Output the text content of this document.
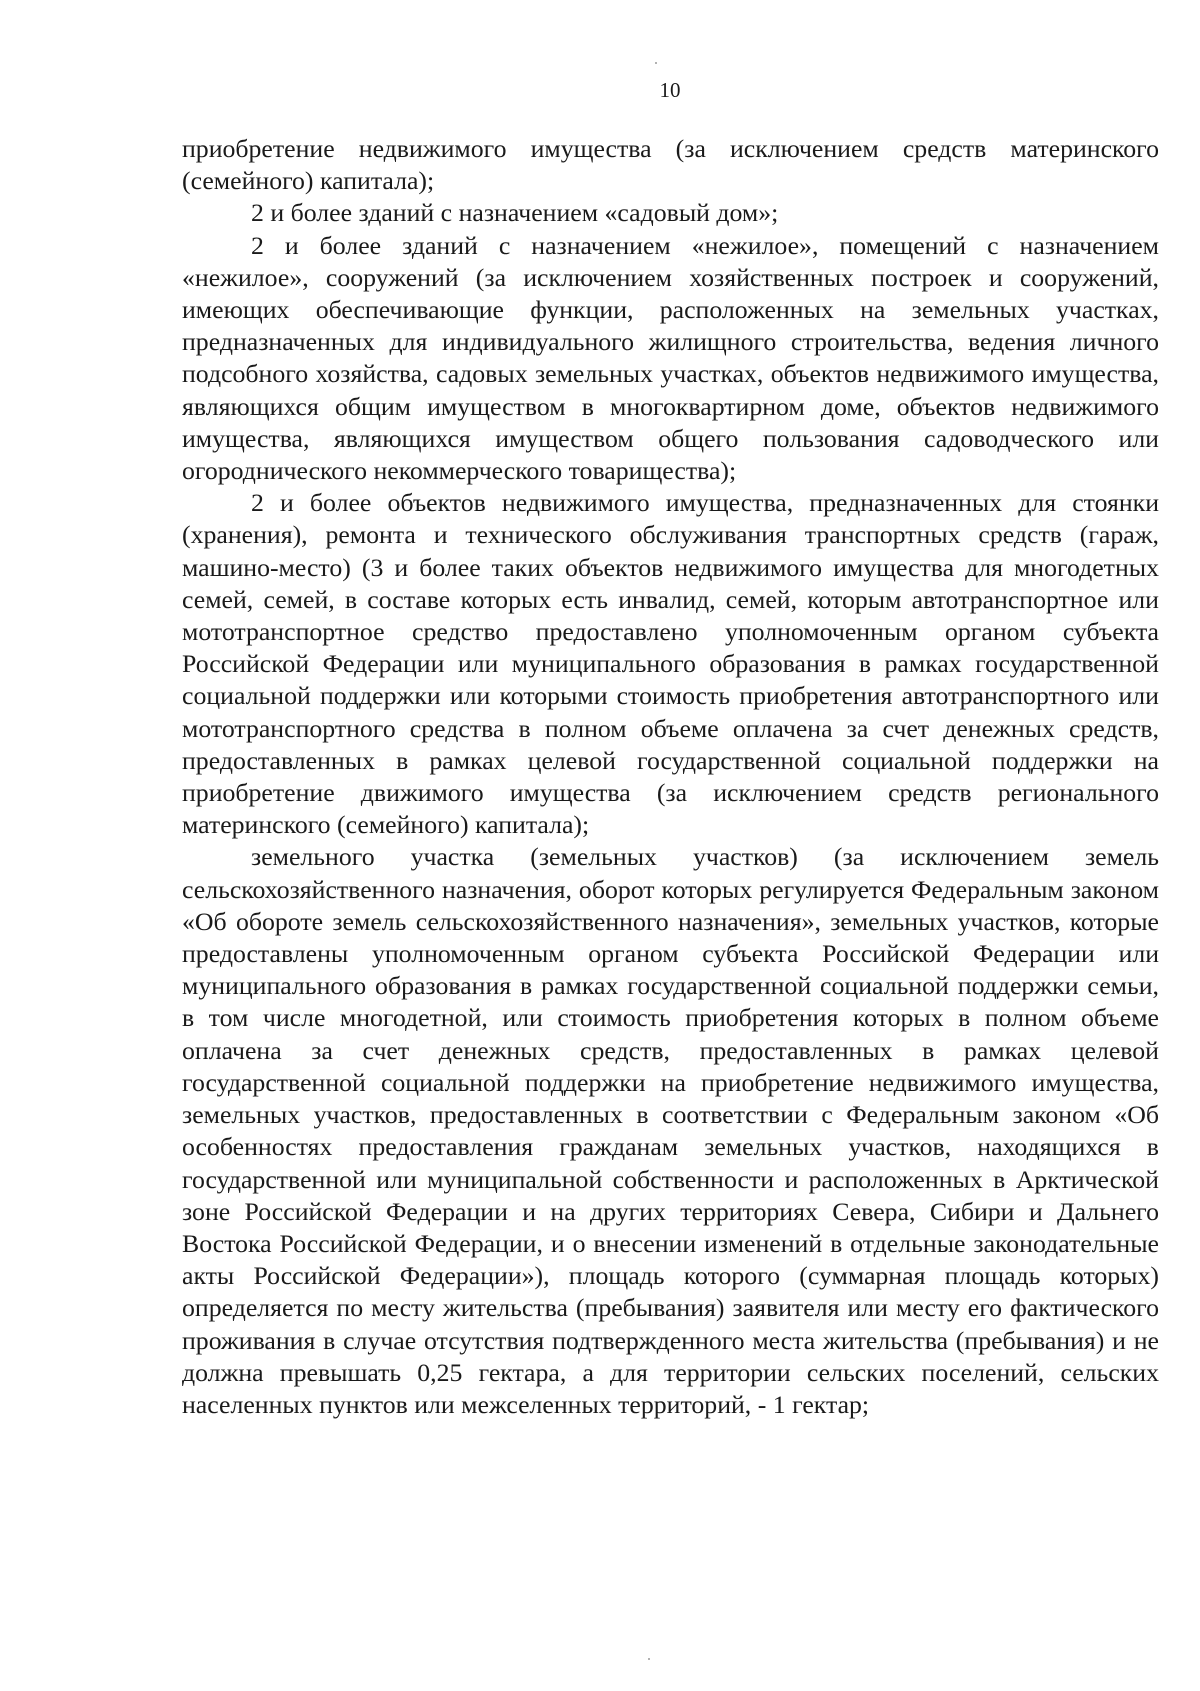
10

приобретение недвижимого имущества (за исключением средств материнского (семейного) капитала);

2 и более зданий с назначением «садовый дом»;

2 и более зданий с назначением «нежилое», помещений с назначением «нежилое», сооружений (за исключением хозяйственных построек и сооружений, имеющих обеспечивающие функции, расположенных на земельных участках, предназначенных для индивидуального жилищного строительства, ведения личного подсобного хозяйства, садовых земельных участках, объектов недвижимого имущества, являющихся общим имуществом в многоквартирном доме, объектов недвижимого имущества, являющихся имуществом общего пользования садоводческого или огороднического некоммерческого товарищества);

2 и более объектов недвижимого имущества, предназначенных для стоянки (хранения), ремонта и технического обслуживания транспортных средств (гараж, машино-место) (3 и более таких объектов недвижимого имущества для многодетных семей, семей, в составе которых есть инвалид, семей, которым автотранспортное или мототранспортное средство предоставлено уполномоченным органом субъекта Российской Федерации или муниципального образования в рамках государственной социальной поддержки или которыми стоимость приобретения автотранспортного или мототранспортного средства в полном объеме оплачена за счет денежных средств, предоставленных в рамках целевой государственной социальной поддержки на приобретение движимого имущества (за исключением средств регионального материнского (семейного) капитала);

земельного участка (земельных участков) (за исключением земель сельскохозяйственного назначения, оборот которых регулируется Федеральным законом «Об обороте земель сельскохозяйственного назначения», земельных участков, которые предоставлены уполномоченным органом субъекта Российской Федерации или муниципального образования в рамках государственной социальной поддержки семьи, в том числе многодетной, или стоимость приобретения которых в полном объеме оплачена за счет денежных средств, предоставленных в рамках целевой государственной социальной поддержки на приобретение недвижимого имущества, земельных участков, предоставленных в соответствии с Федеральным законом «Об особенностях предоставления гражданам земельных участков, находящихся в государственной или муниципальной собственности и расположенных в Арктической зоне Российской Федерации и на других территориях Севера, Сибири и Дальнего Востока Российской Федерации, и о внесении изменений в отдельные законодательные акты Российской Федерации»), площадь которого (суммарная площадь которых) определяется по месту жительства (пребывания) заявителя или месту его фактического проживания в случае отсутствия подтвержденного места жительства (пребывания) и не должна превышать 0,25 гектара, а для территории сельских поселений, сельских населенных пунктов или межселенных территорий, - 1 гектар;
